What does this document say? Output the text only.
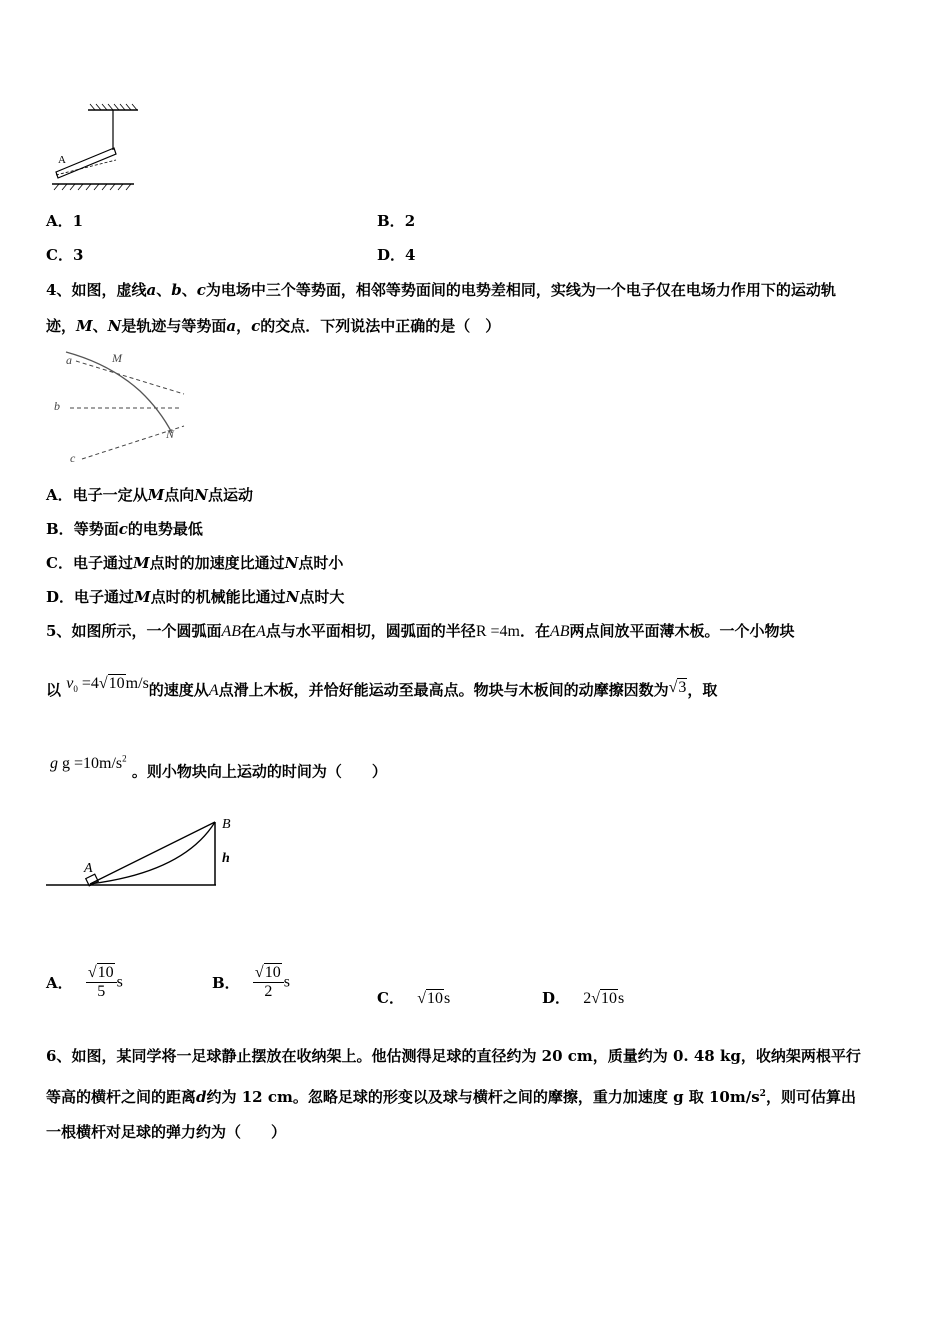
A
A．1	B．2
C．3	D．4
4、如图，虚线a、b、c为电场中三个等势面，相邻等势面间的电势差相同，实线为一个电子仅在电场力作用下的运动轨
迹，M、N是轨迹与等势面a，c的交点．下列说法中正确的是（　）
a
b
c
M
N
A．电子一定从M点向N点运动
B．等势面c的电势最低
C．电子通过M点时的加速度比通过N点时小
D．电子通过M点时的机械能比通过N点时大
5、如图所示，一个圆弧面AB在A点与水平面相切，圆弧面的半径R =4m．在AB两点间放平面薄木板。一个小物块
以 $v_0 =4√10m/s$的速度从A点滑上木板，并恰好能运动至最高点。物块与木板间的动摩擦因数为√3，取
g $g =10m/s^2$ 。则小物块向上运动的时间为（　　）
A
B
h
A． $\frac{√10}{5}$ s	B． $\frac{√10}{2}$ s
C． √10s	D． 2√10s
6、如图，某同学将一足球静止摆放在收纳架上。他估测得足球的直径约为 20 cm，质量约为 0. 48 kg，收纳架两根平行
等高的横杆之间的距离d约为 12 cm。忽略足球的形变以及球与横杆之间的摩擦，重力加速度 g 取 $10m/s^2$，则可估算出
一根横杆对足球的弹力约为（　　）
